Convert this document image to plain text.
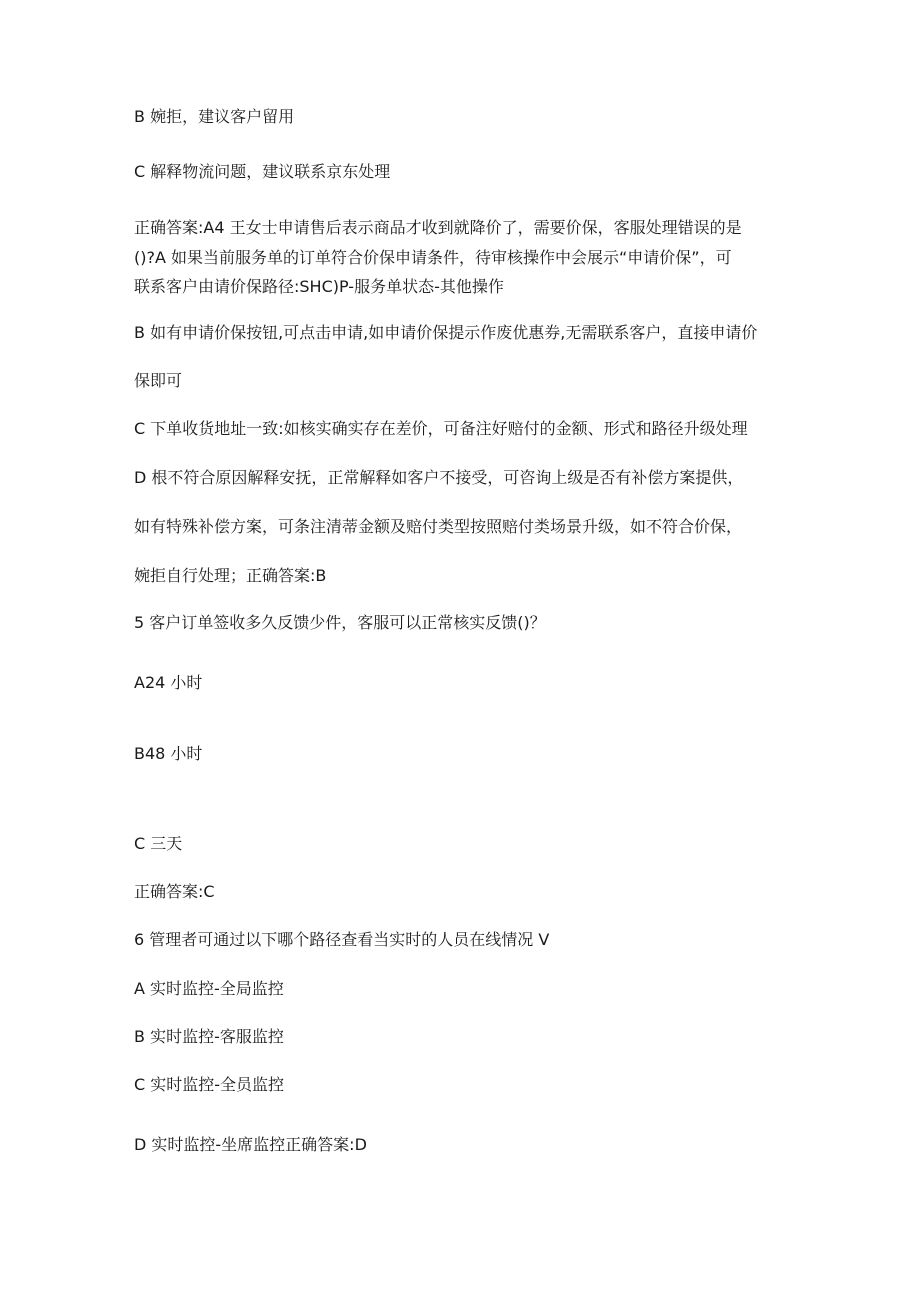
B 婉拒，建议客户留用
C 解释物流问题，建议联系京东处理
正确答案:A4 王女士申请售后表示商品才收到就降价了，需要价保，客服处理错误的是
()?A 如果当前服务单的订单符合价保申请条件，待审核操作中会展示“申请价保”，可
联系客户由请价保路径:SHC)P-服务单状态-其他操作
B 如有申请价保按钮,可点击申请,如申请价保提示作废优惠券,无需联系客户，直接申请价
保即可
C 下单收货地址一致:如核实确实存在差价，可备注好赔付的金额、形式和路径升级处理
D 根不符合原因解释安抚，正常解释如客户不接受，可咨询上级是否有补偿方案提供，
如有特殊补偿方案，可条注清蒂金额及赔付类型按照赔付类场景升级，如不符合价保，
婉拒自行处理；正确答案:B
5 客户订单签收多久反馈少件，客服可以正常核实反馈()？
A24 小时
B48 小时
C 三天
正确答案:C
6 管理者可通过以下哪个路径查看当实时的人员在线情况 V
A 实时监控-全局监控
B 实时监控-客服监控
C 实时监控-全员监控
D 实时监控-坐席监控正确答案:D
